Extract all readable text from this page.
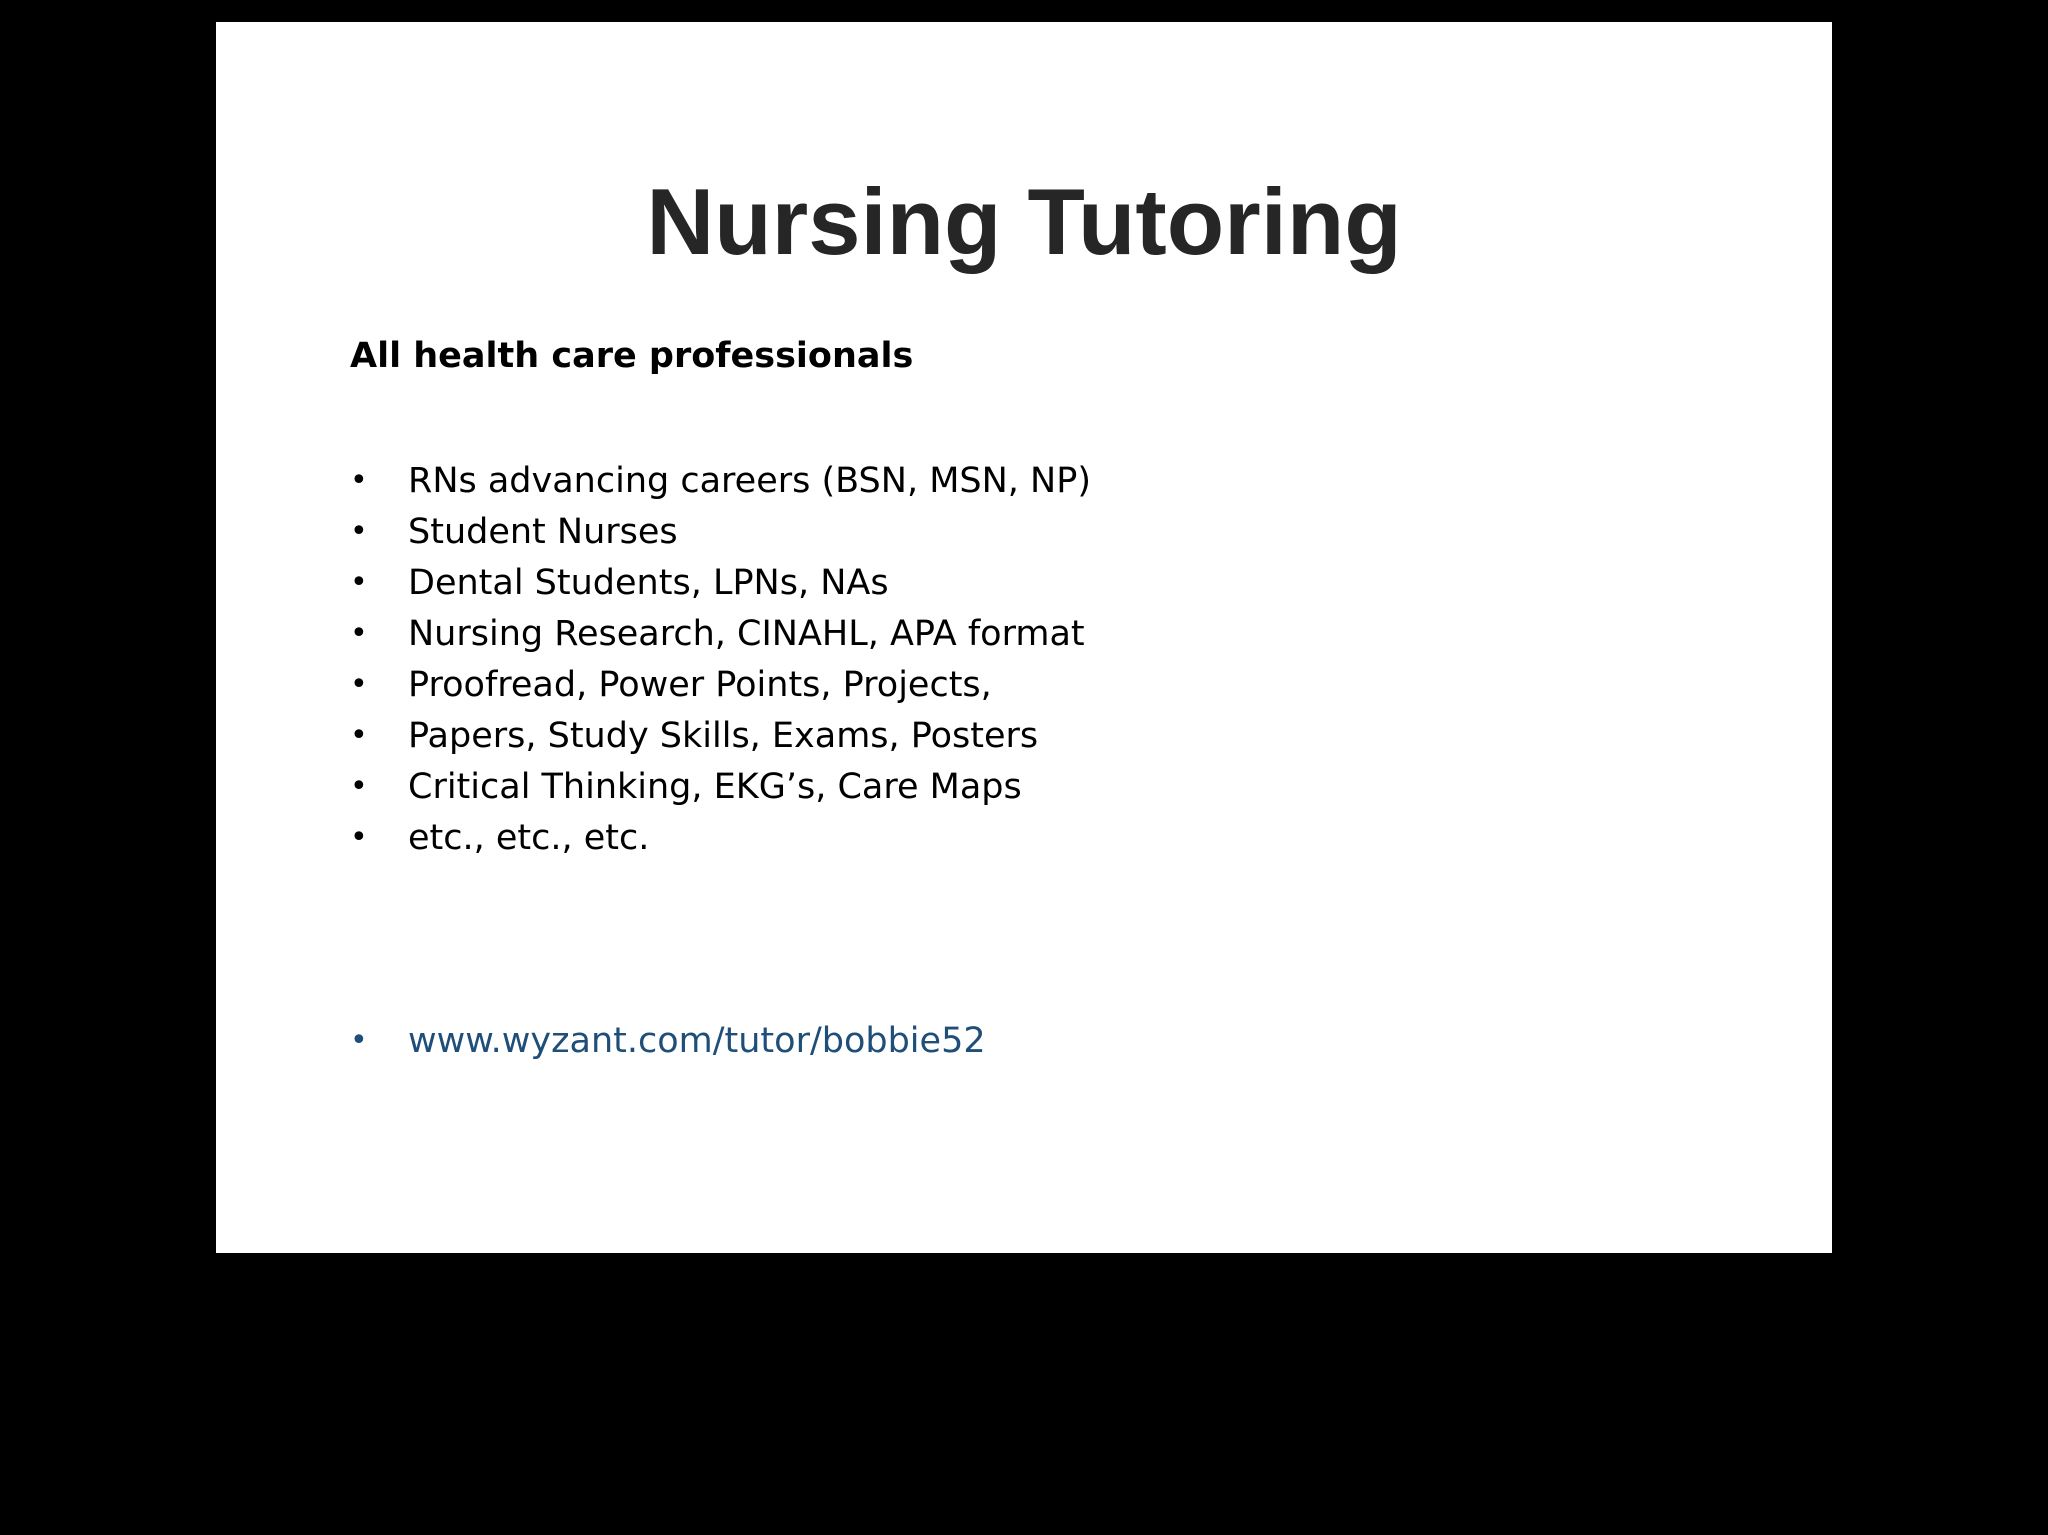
Nursing Tutoring

All health care professionals

•	RNs advancing careers (BSN, MSN, NP)
•	Student Nurses
•	Dental Students, LPNs, NAs
•	Nursing Research, CINAHL, APA format
•	Proofread, Power Points, Projects,
•	Papers, Study Skills, Exams, Posters
•	Critical Thinking, EKG’s, Care Maps
•	etc., etc., etc.
•	www.wyzant.com/tutor/bobbie52
